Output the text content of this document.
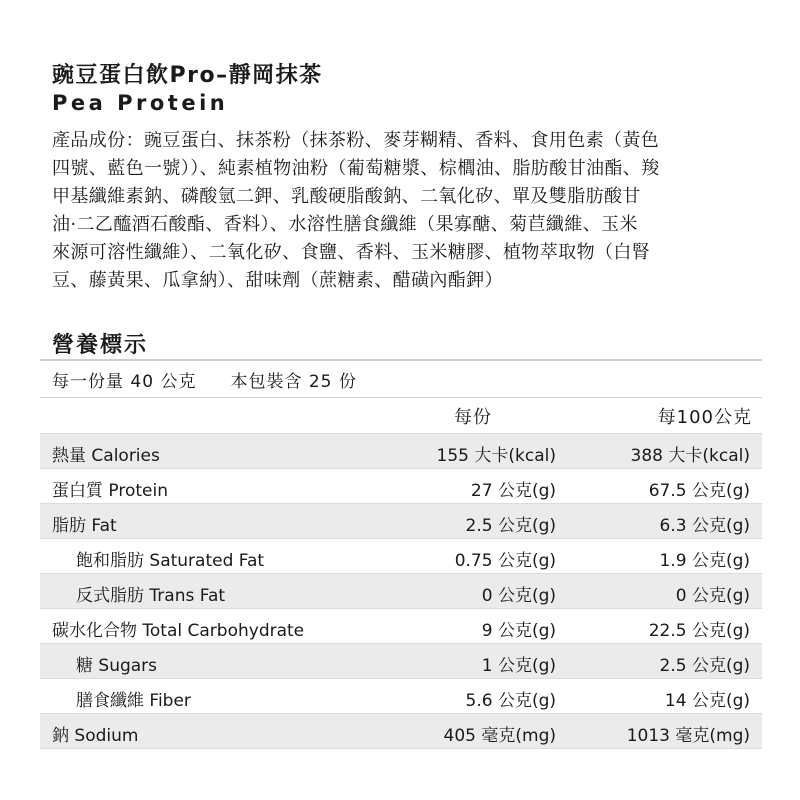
豌豆蛋白飲Pro–靜岡抹茶
Pea Protein
產品成份：豌豆蛋白、抹茶粉（抹茶粉、麥芽糊精、香料、食用色素（黃色
四號、藍色一號））、純素植物油粉（葡萄糖漿、棕櫚油、脂肪酸甘油酯、羧
甲基纖維素鈉、磷酸氫二鉀、乳酸硬脂酸鈉、二氧化矽、單及雙脂肪酸甘
油·二乙醯酒石酸酯、香料）、水溶性膳食纖維（果寡醣、菊苣纖維、玉米
來源可溶性纖維）、二氧化矽、食鹽、香料、玉米糖膠、植物萃取物（白腎
豆、藤黃果、瓜拿納）、甜味劑（蔗糖素、醋磺內酯鉀）
營養標示
每一份量 40 公克 本包裝含 25 份
每份	每100公克
熱量 Calories	155 大卡(kcal)	388 大卡(kcal)
蛋白質 Protein	27 公克(g)	67.5 公克(g)
脂肪 Fat	2.5 公克(g)	6.3 公克(g)
飽和脂肪 Saturated Fat	0.75 公克(g)	1.9 公克(g)
反式脂肪 Trans Fat	0 公克(g)	0 公克(g)
碳水化合物 Total Carbohydrate	9 公克(g)	22.5 公克(g)
糖 Sugars	1 公克(g)	2.5 公克(g)
膳食纖維 Fiber	5.6 公克(g)	14 公克(g)
鈉 Sodium	405 毫克(mg)	1013 毫克(mg)
